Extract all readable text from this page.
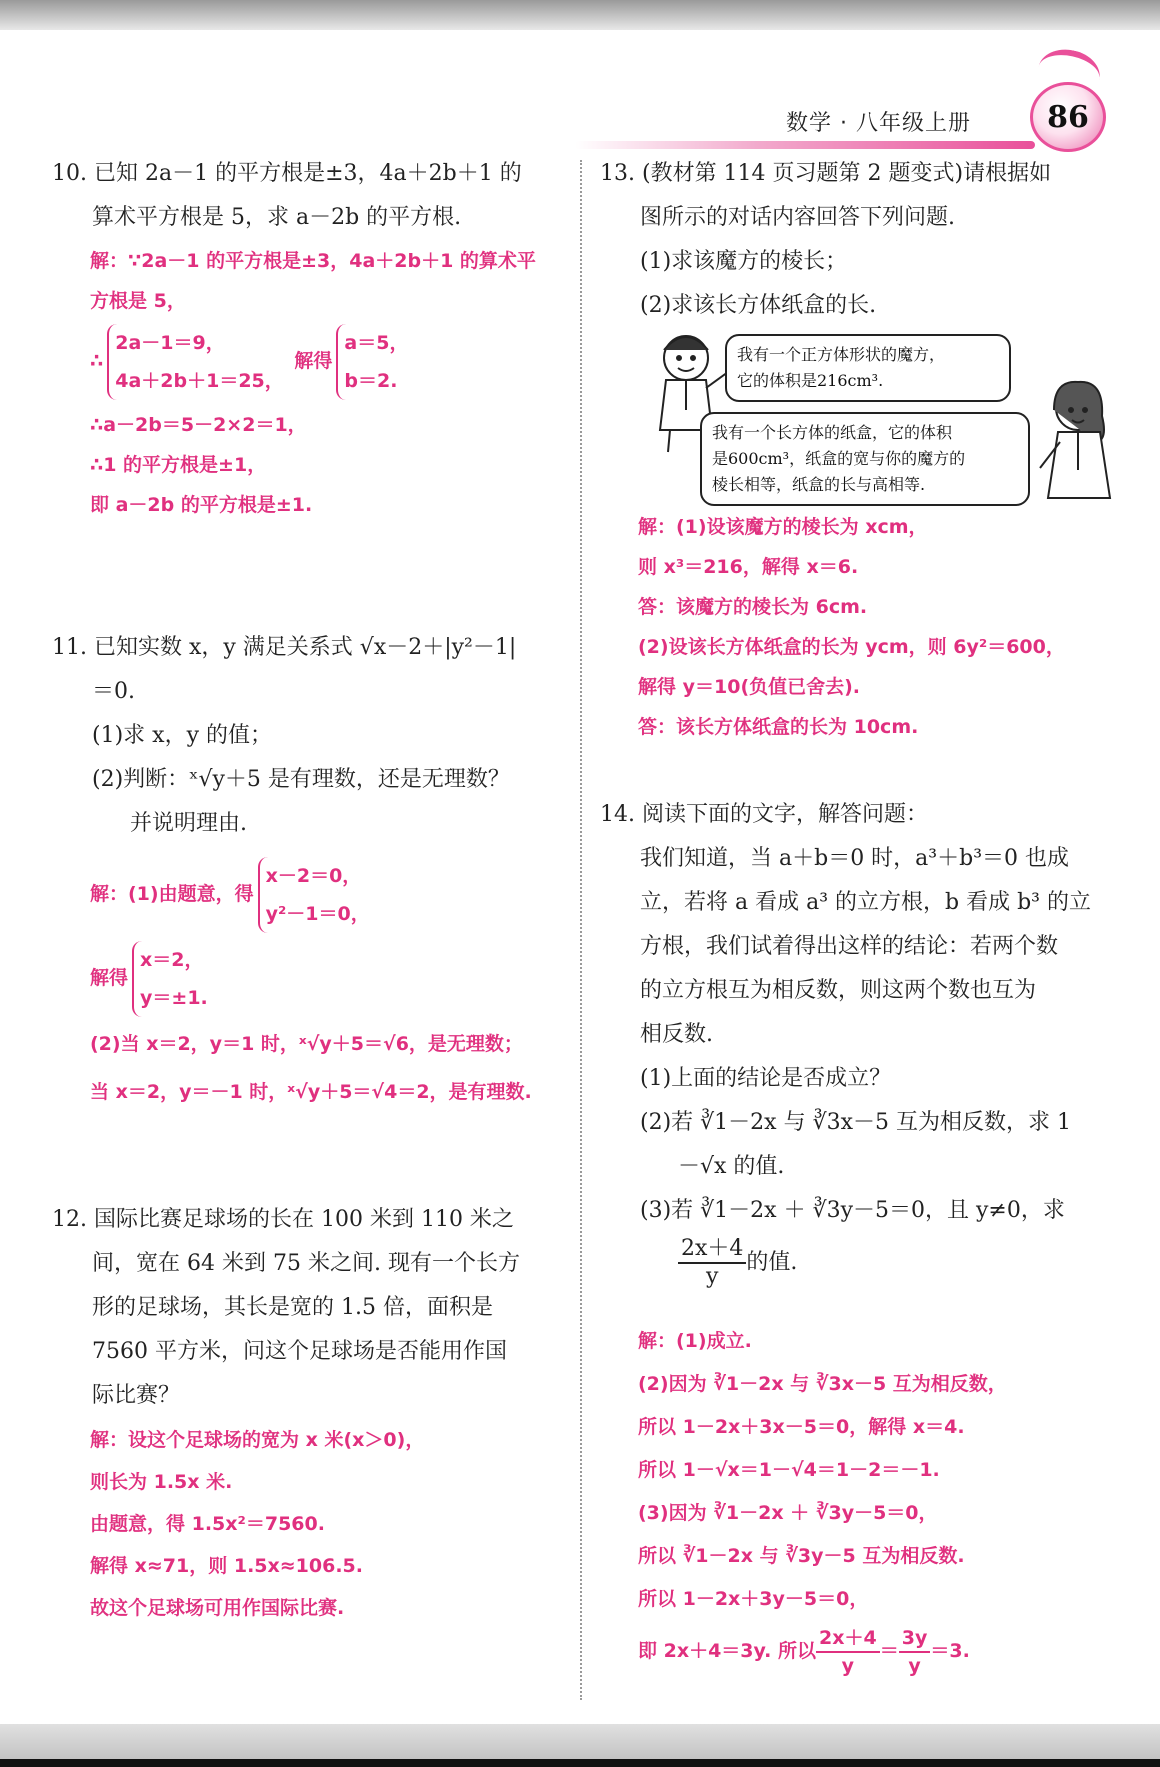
86
数学 · 八年级上册
10. 已知 2a－1 的平方根是±3，4a＋2b＋1 的
算术平方根是 5，求 a－2b 的平方根.
解：∵2a－1 的平方根是±3，4a＋2b＋1 的算术平
方根是 5，
∴
2a－1＝9，
4a＋2b＋1＝25，
解得
a＝5，
b＝2.
∴a－2b＝5－2×2＝1，
∴1 的平方根是±1，
即 a－2b 的平方根是±1.
11. 已知实数 x，y 满足关系式 √x－2＋|y²－1|
＝0.
(1)求 x，y 的值；
(2)判断：ˣ√y＋5 是有理数，还是无理数？
并说明理由.
解：(1)由题意，得
x－2＝0，
y²－1＝0，
解得
x＝2，
y＝±1.
(2)当 x＝2，y＝1 时，ˣ√y＋5＝√6，是无理数；
当 x＝2，y＝－1 时，ˣ√y＋5＝√4＝2，是有理数.
12. 国际比赛足球场的长在 100 米到 110 米之
间，宽在 64 米到 75 米之间. 现有一个长方
形的足球场，其长是宽的 1.5 倍，面积是
7560 平方米，问这个足球场是否能用作国
际比赛？
解：设这个足球场的宽为 x 米(x＞0)，
则长为 1.5x 米.
由题意，得 1.5x²＝7560.
解得 x≈71，则 1.5x≈106.5.
故这个足球场可用作国际比赛.
13. (教材第 114 页习题第 2 题变式)请根据如
图所示的对话内容回答下列问题.
(1)求该魔方的棱长；
(2)求该长方体纸盒的长.
我有一个正方体形状的魔方，
它的体积是216cm³.
我有一个长方体的纸盒，它的体积
是600cm³，纸盒的宽与你的魔方的
棱长相等，纸盒的长与高相等.
解：(1)设该魔方的棱长为 xcm，
则 x³＝216，解得 x＝6.
答：该魔方的棱长为 6cm.
(2)设该长方体纸盒的长为 ycm，则 6y²＝600，
解得 y＝10(负值已舍去).
答：该长方体纸盒的长为 10cm.
14. 阅读下面的文字，解答问题：
我们知道，当 a＋b＝0 时，a³＋b³＝0 也成
立，若将 a 看成 a³ 的立方根，b 看成 b³ 的立
方根，我们试着得出这样的结论：若两个数
的立方根互为相反数，则这两个数也互为
相反数.
(1)上面的结论是否成立？
(2)若 ∛1－2x 与 ∛3x－5 互为相反数，求 1
－√x 的值.
(3)若 ∛1－2x ＋ ∛3y－5＝0，且 y≠0，求
$\frac{2x+4}{y}$ 的值.
解：(1)成立.
(2)因为 ∛1－2x 与 ∛3x－5 互为相反数，
所以 1－2x＋3x－5＝0，解得 x＝4.
所以 1－√x＝1－√4＝1－2＝－1.
(3)因为 ∛1－2x ＋ ∛3y－5＝0，
所以 ∛1－2x 与 ∛3y－5 互为相反数.
所以 1－2x＋3y－5＝0，
即 2x＋4＝3y. 所以 $\frac{2x+4}{y} = \frac{3y}{y} =3$.
